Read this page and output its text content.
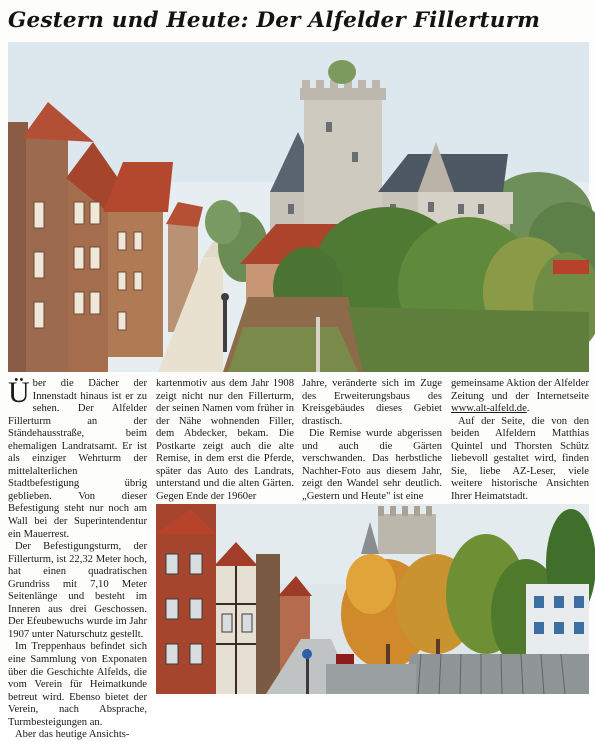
Gestern und Heute: Der Alfelder Fillerturm

Über die Dächer der Innenstadt hinaus ist er zu sehen. Der Alfelder Fillerturm an der Ständehausstraße, beim ehemaligen Landratsamt. Er ist als einziger Wehrturm der mittelalterlichen Stadtbefestigung übrig geblieben. Von dieser Befestigung steht nur noch am Wall bei der Superintendentur ein Mauerrest.

Der Befestigungsturm, der Fillerturm, ist 22,32 Meter hoch, hat einen quadratischen Grundriss mit 7,10 Meter Seitenlänge und besteht im Inneren aus drei Geschossen. Der Efeubewuchs wurde im Jahr 1907 unter Naturschutz gestellt.

Im Treppenhaus befindet sich eine Sammlung von Exponaten über die Geschichte Alfelds, die vom Verein für Heimatkunde betreut wird. Ebenso bietet der Verein, nach Absprache, Turmbesteigungen an.

Aber das heutige Ansichts-

kartenmotiv aus dem Jahr 1908 zeigt nicht nur den Fillerturm, der seinen Namen vom früher in der Nähe wohnenden Filler, dem Abdecker, bekam. Die Postkarte zeigt auch die alte Remise, in dem erst die Pferde, später das Auto des Landrats, unterstand und die alten Gärten. Gegen Ende der 1960er

Jahre, veränderte sich im Zuge des Erweiterungsbaus des Kreisgebäudes dieses Gebiet drastisch.

Die Remise wurde abgerissen und auch die Gärten verschwanden. Das herbstliche Nachher-Foto aus diesem Jahr, zeigt den Wandel sehr deutlich. „Gestern und Heute" ist eine

gemeinsame Aktion der Alfelder Zeitung und der Internetseite www.alt-alfeld.de.

Auf der Seite, die von den beiden Alfeldern Matthias Quintel und Thorsten Schütz liebevoll gestaltet wird, finden Sie, liebe AZ-Leser, viele weitere historische Ansichten Ihrer Heimatstadt.
